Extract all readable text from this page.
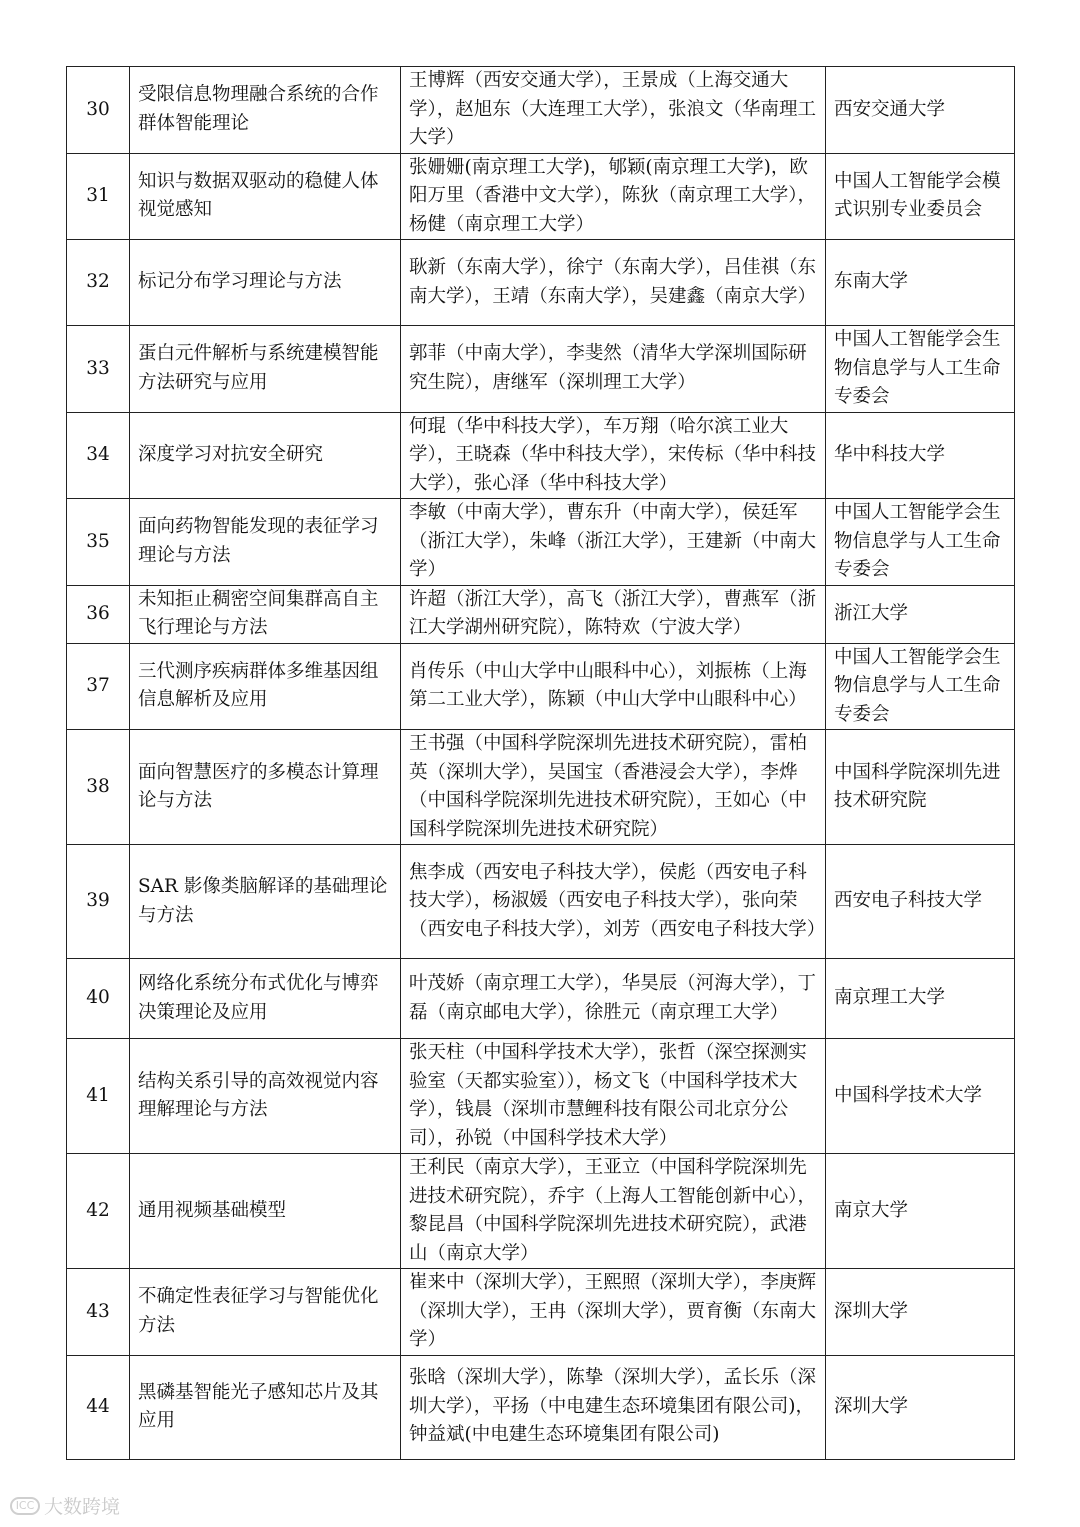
30	受限信息物理融合系统的合作群体智能理论	王博辉（西安交通大学），王景成（上海交通大学），赵旭东（大连理工大学），张浪文（华南理工大学）	西安交通大学
31	知识与数据双驱动的稳健人体视觉感知	张姗姗(南京理工大学)，郇颖(南京理工大学)，欧阳万里（香港中文大学），陈狄（南京理工大学），杨健（南京理工大学）	中国人工智能学会模式识别专业委员会
32	标记分布学习理论与方法	耿新（东南大学），徐宁（东南大学），吕佳祺（东南大学），王靖（东南大学），吴建鑫（南京大学）	东南大学
33	蛋白元件解析与系统建模智能方法研究与应用	郭菲（中南大学），李斐然（清华大学深圳国际研究生院），唐继军（深圳理工大学）	中国人工智能学会生物信息学与人工生命专委会
34	深度学习对抗安全研究	何琨（华中科技大学），车万翔（哈尔滨工业大学），王晓森（华中科技大学），宋传标（华中科技大学），张心泽（华中科技大学）	华中科技大学
35	面向药物智能发现的表征学习理论与方法	李敏（中南大学），曹东升（中南大学），侯廷军（浙江大学），朱峰（浙江大学），王建新（中南大学）	中国人工智能学会生物信息学与人工生命专委会
36	未知拒止稠密空间集群高自主飞行理论与方法	许超（浙江大学），高飞（浙江大学），曹燕军（浙江大学湖州研究院），陈特欢（宁波大学）	浙江大学
37	三代测序疾病群体多维基因组信息解析及应用	肖传乐（中山大学中山眼科中心），刘振栋（上海第二工业大学），陈颖（中山大学中山眼科中心）	中国人工智能学会生物信息学与人工生命专委会
38	面向智慧医疗的多模态计算理论与方法	王书强（中国科学院深圳先进技术研究院），雷柏英（深圳大学），吴国宝（香港浸会大学），李烨（中国科学院深圳先进技术研究院），王如心（中国科学院深圳先进技术研究院）	中国科学院深圳先进技术研究院
39	SAR 影像类脑解译的基础理论与方法	焦李成（西安电子科技大学），侯彪（西安电子科技大学），杨淑媛（西安电子科技大学），张向荣（西安电子科技大学），刘芳（西安电子科技大学）	西安电子科技大学
40	网络化系统分布式优化与博弈决策理论及应用	叶茂娇（南京理工大学），华昊辰（河海大学），丁磊（南京邮电大学），徐胜元（南京理工大学）	南京理工大学
41	结构关系引导的高效视觉内容理解理论与方法	张天柱（中国科学技术大学），张哲（深空探测实验室（天都实验室）），杨文飞（中国科学技术大学），钱晨（深圳市慧鲤科技有限公司北京分公司），孙锐（中国科学技术大学）	中国科学技术大学
42	通用视频基础模型	王利民（南京大学），王亚立（中国科学院深圳先进技术研究院），乔宇（上海人工智能创新中心），黎昆昌（中国科学院深圳先进技术研究院），武港山（南京大学）	南京大学
43	不确定性表征学习与智能优化方法	崔来中（深圳大学），王熙照（深圳大学），李庚辉（深圳大学），王冉（深圳大学），贾育衡（东南大学）	深圳大学
44	黑磷基智能光子感知芯片及其应用	张晗（深圳大学），陈挚（深圳大学），孟长乐（深圳大学），平扬（中电建生态环境集团有限公司)，钟益斌(中电建生态环境集团有限公司)	深圳大学
ICC 大数跨境
